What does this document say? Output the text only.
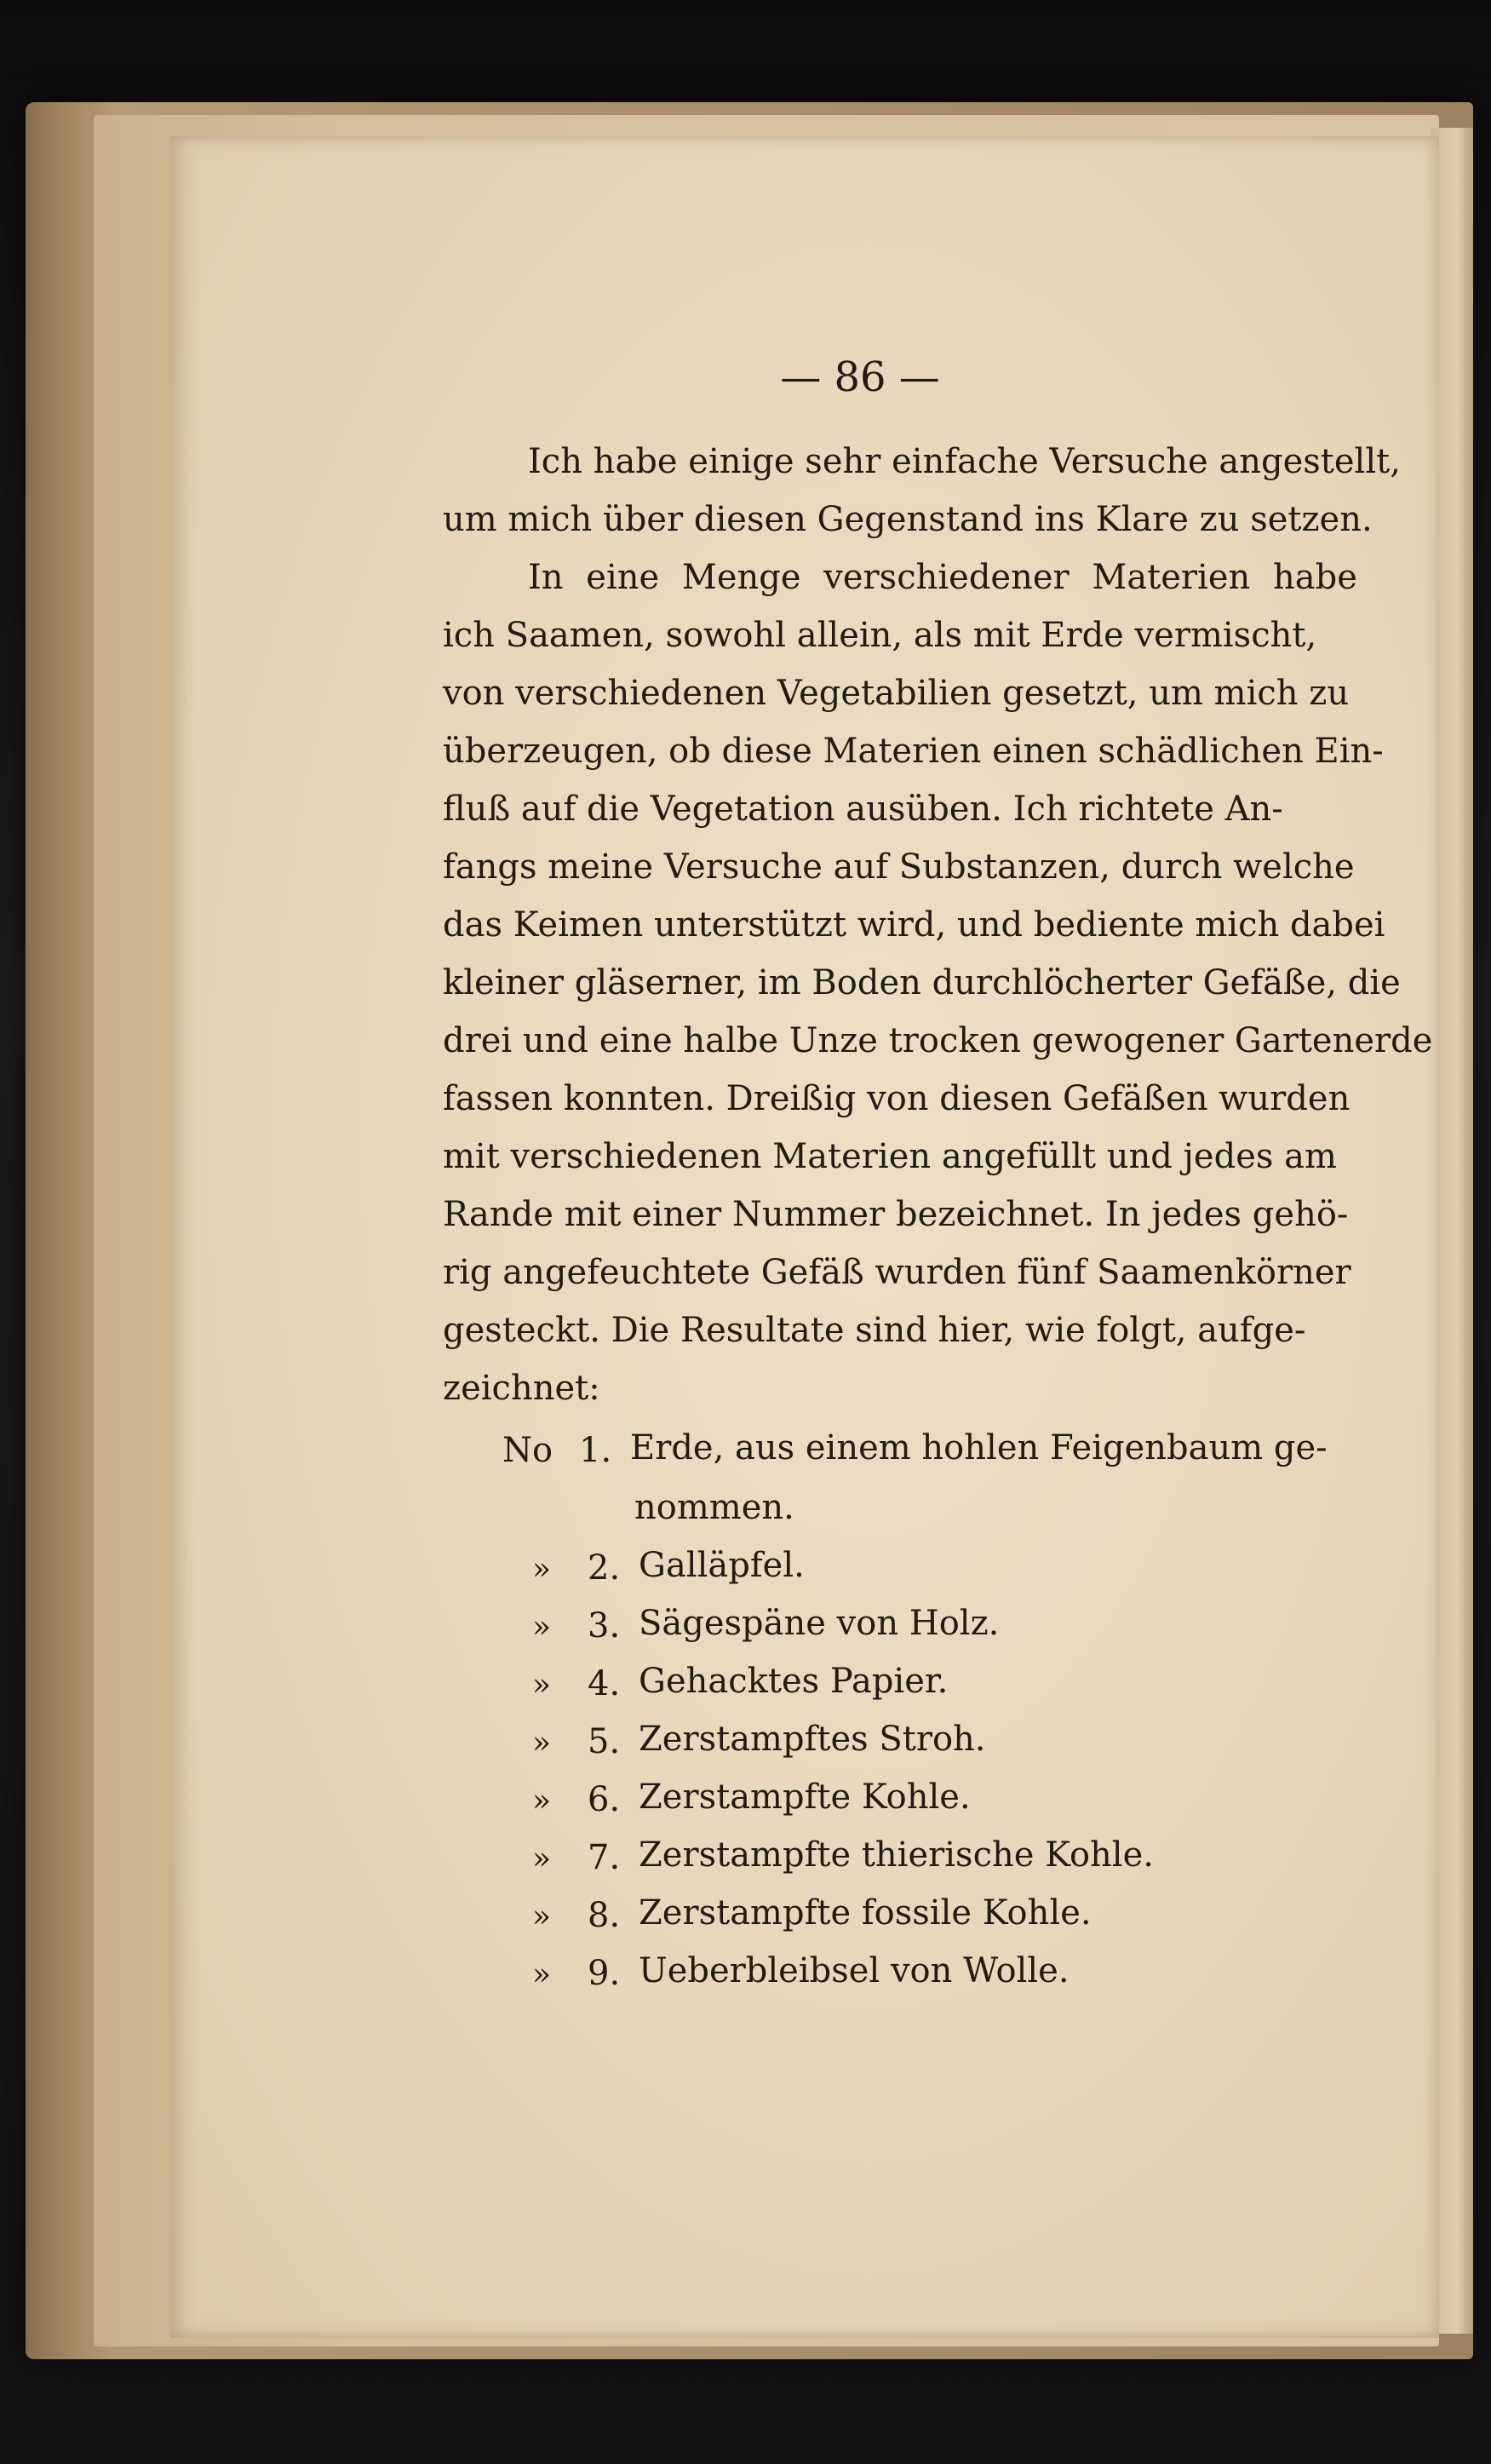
— 86 —
Ich habe einige sehr einfache Versuche angestellt,
um mich über diesen Gegenstand ins Klare zu setzen.
In eine Menge verschiedener Materien habe
ich Saamen, sowohl allein, als mit Erde vermischt,
von verschiedenen Vegetabilien gesetzt, um mich zu
überzeugen, ob diese Materien einen schädlichen Ein-
fluß auf die Vegetation ausüben. Ich richtete An-
fangs meine Versuche auf Substanzen, durch welche
das Keimen unterstützt wird, und bediente mich dabei
kleiner gläserner, im Boden durchlöcherter Gefäße, die
drei und eine halbe Unze trocken gewogener Gartenerde
fassen konnten. Dreißig von diesen Gefäßen wurden
mit verschiedenen Materien angefüllt und jedes am
Rande mit einer Nummer bezeichnet. In jedes gehö-
rig angefeuchtete Gefäß wurden fünf Saamenkörner
gesteckt. Die Resultate sind hier, wie folgt, aufge-
zeichnet:
No 1. Erde, aus einem hohlen Feigenbaum ge-
nommen.
» 2. Galläpfel.
» 3. Sägespäne von Holz.
» 4. Gehacktes Papier.
» 5. Zerstampftes Stroh.
» 6. Zerstampfte Kohle.
» 7. Zerstampfte thierische Kohle.
» 8. Zerstampfte fossile Kohle.
» 9. Ueberbleibsel von Wolle.
